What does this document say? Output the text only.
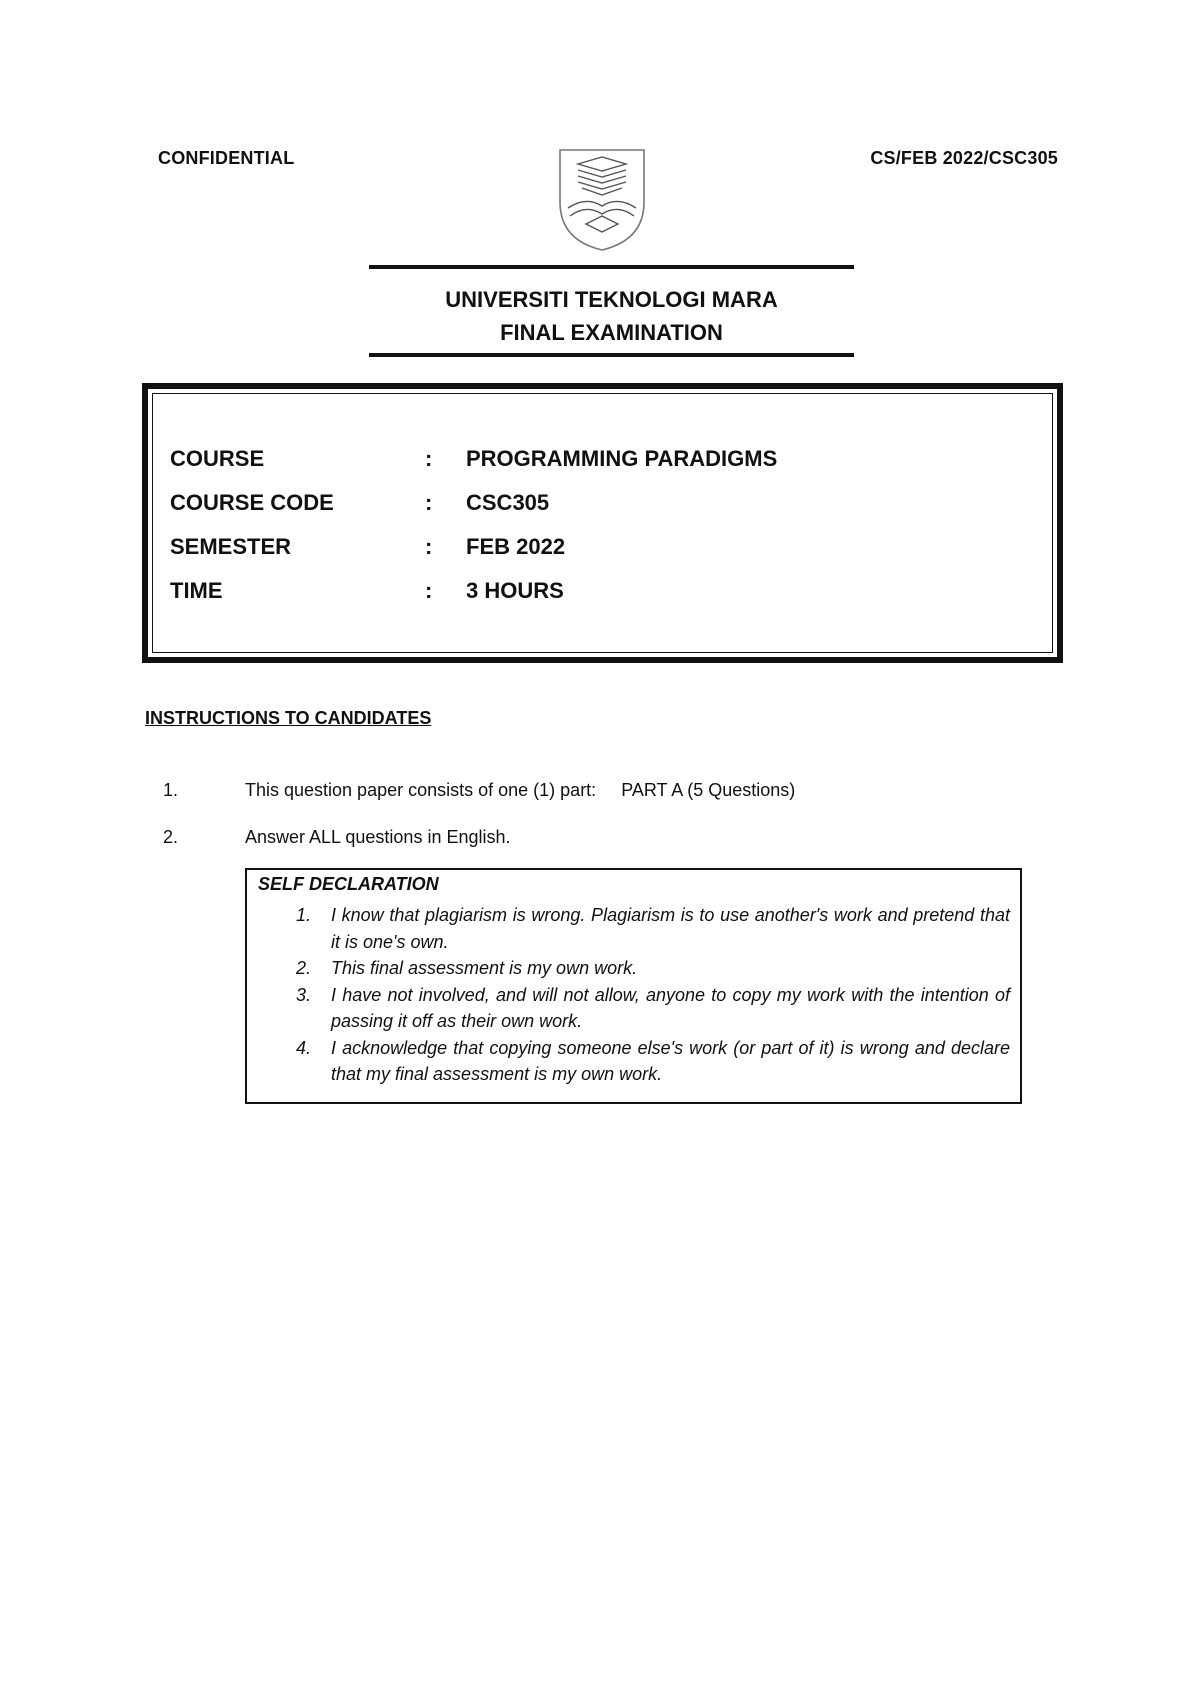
CONFIDENTIAL	CS/FEB 2022/CSC305
UNIVERSITI TEKNOLOGI MARA
FINAL EXAMINATION
COURSE	: PROGRAMMING PARADIGMS
COURSE CODE	: CSC305
SEMESTER	: FEB 2022
TIME	: 3 HOURS
INSTRUCTIONS TO CANDIDATES
1.	This question paper consists of one (1) part:     PART A (5 Questions)
2.	Answer ALL questions in English.
SELF DECLARATION
1. I know that plagiarism is wrong. Plagiarism is to use another's work and pretend that it is one's own.
2. This final assessment is my own work.
3. I have not involved, and will not allow, anyone to copy my work with the intention of passing it off as their own work.
4. I acknowledge that copying someone else's work (or part of it) is wrong and declare that my final assessment is my own work.
